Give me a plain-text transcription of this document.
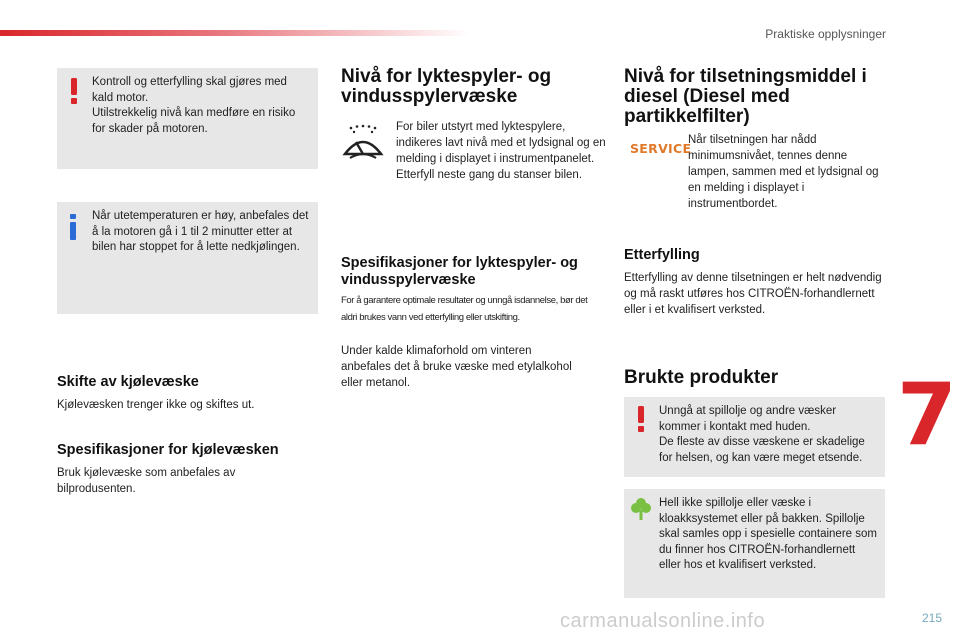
Praktiske opplysninger
7
carmanualsonline.info	215

Kontroll og etterfylling skal gjøres med kald motor.

Utilstrekkelig nivå kan medføre en risiko for skader på motoren.

Når utetemperaturen er høy, anbefales det å la motoren gå i 1 til 2 minutter etter at bilen har stoppet for å lette nedkjølingen.

Skifte av kjølevæske
Kjølevæsken trenger ikke og skiftes ut.
Spesifikasjoner for kjølevæsken
Bruk kjølevæske som anbefales av bilprodusenten.
Nivå for lyktespyler- og vindusspylervæske

For biler utstyrt med lyktespylere, indikeres lavt nivå med et lydsignal og en melding i displayet i instrumentpanelet.

Etterfyll neste gang du stanser bilen.

Spesifikasjoner for lyktespyler- og vindusspylervæske
For å garantere optimale resultater og unngå isdannelse, bør det aldri brukes vann ved etterfylling eller utskifting.
Under kalde klimaforhold om vinteren anbefales det å bruke væske med etylalkohol eller metanol.
Nivå for tilsetningsmiddel i diesel (Diesel med partikkelfilter)
SERVICE
Når tilsetningen har nådd minimumsnivået, tennes denne lampen, sammen med et lydsignal og en melding i displayet i instrumentbordet.
Etterfylling
Etterfylling av denne tilsetningen er helt nødvendig og må raskt utføres hos CITROËN-forhandlernett eller i et kvalifisert verksted.
Brukte produkter

Unngå at spillolje og andre væsker kommer i kontakt med huden.

De fleste av disse væskene er skadelige for helsen, og kan være meget etsende.

Hell ikke spillolje eller væske i kloakksystemet eller på bakken. Spillolje skal samles opp i spesielle containere som du finner hos CITROËN-forhandlernett eller hos et kvalifisert verksted.
